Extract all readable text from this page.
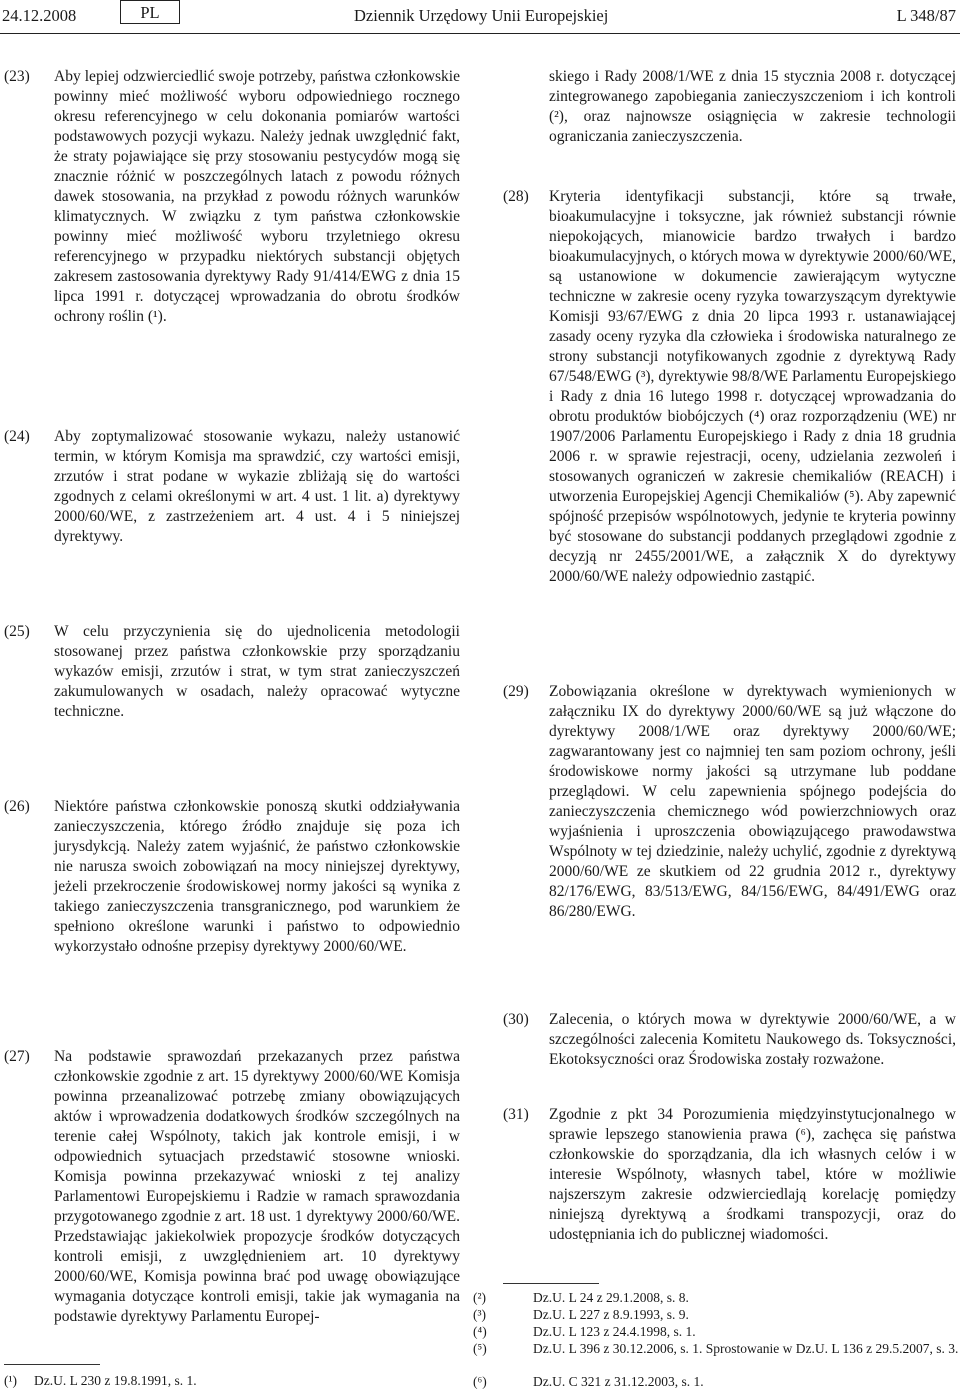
24.12.2008	PL	Dziennik Urzędowy Unii Europejskiej	L 348/87
(23) Aby lepiej odzwierciedlić swoje potrzeby, państwa członkowskie powinny mieć możliwość wyboru odpowiedniego rocznego okresu referencyjnego w celu dokonania pomiarów wartości podstawowych pozycji wykazu. Należy jednak uwzględnić fakt, że straty pojawiające się przy stosowaniu pestycydów mogą się znacznie różnić w poszczególnych latach z powodu różnych dawek stosowania, na przykład z powodu różnych warunków klimatycznych. W związku z tym państwa członkowskie powinny mieć możliwość wyboru trzyletniego okresu referencyjnego w przypadku niektórych substancji objętych zakresem zastosowania dyrektywy Rady 91/414/EWG z dnia 15 lipca 1991 r. dotyczącej wprowadzania do obrotu środków ochrony roślin (¹).
(24) Aby zoptymalizować stosowanie wykazu, należy ustanowić termin, w którym Komisja ma sprawdzić, czy wartości emisji, zrzutów i strat podane w wykazie zbliżają się do wartości zgodnych z celami określonymi w art. 4 ust. 1 lit. a) dyrektywy 2000/60/WE, z zastrzeżeniem art. 4 ust. 4 i 5 niniejszej dyrektywy.
(25) W celu przyczynienia się do ujednolicenia metodologii stosowanej przez państwa członkowskie przy sporządzaniu wykazów emisji, zrzutów i strat, w tym strat zanieczyszczeń zakumulowanych w osadach, należy opracować wytyczne techniczne.
(26) Niektóre państwa członkowskie ponoszą skutki oddziaływania zanieczyszczenia, którego źródło znajduje się poza ich jurysdykcją. Należy zatem wyjaśnić, że państwo członkowskie nie narusza swoich zobowiązań na mocy niniejszej dyrektywy, jeżeli przekroczenie środowiskowej normy jakości są wynika z takiego zanieczyszczenia transgranicznego, pod warunkiem że spełniono określone warunki i państwo to odpowiednio wykorzystało odnośne przepisy dyrektywy 2000/60/WE.
(27) Na podstawie sprawozdań przekazanych przez państwa członkowskie zgodnie z art. 15 dyrektywy 2000/60/WE Komisja powinna przeanalizować potrzebę zmiany obowiązujących aktów i wprowadzenia dodatkowych środków szczególnych na terenie całej Wspólnoty, takich jak kontrole emisji, i w odpowiednich sytuacjach przedstawić stosowne wnioski. Komisja powinna przekazywać wnioski z tej analizy Parlamentowi Europejskiemu i Radzie w ramach sprawozdania przygotowanego zgodnie z art. 18 ust. 1 dyrektywy 2000/60/WE. Przedstawiając jakiekolwiek propozycje środków dotyczących kontroli emisji, z uwzględnieniem art. 10 dyrektywy 2000/60/WE, Komisja powinna brać pod uwagę obowiązujące wymagania dotyczące kontroli emisji, takie jak wymagania na podstawie dyrektywy Parlamentu Europej-
(¹) Dz.U. L 230 z 19.8.1991, s. 1.
skiego i Rady 2008/1/WE z dnia 15 stycznia 2008 r. dotyczącej zintegrowanego zapobiegania zanieczyszczeniom i ich kontroli (²), oraz najnowsze osiągnięcia w zakresie technologii ograniczania zanieczyszczenia.
(28) Kryteria identyfikacji substancji, które są trwałe, bioakumulacyjne i toksyczne, jak również substancji równie niepokojących, mianowicie bardzo trwałych i bardzo bioakumulacyjnych, o których mowa w dyrektywie 2000/60/WE, są ustanowione w dokumencie zawierającym wytyczne techniczne w zakresie oceny ryzyka towarzyszącym dyrektywie Komisji 93/67/EWG z dnia 20 lipca 1993 r. ustanawiającej zasady oceny ryzyka dla człowieka i środowiska naturalnego ze strony substancji notyfikowanych zgodnie z dyrektywą Rady 67/548/EWG (³), dyrektywie 98/8/WE Parlamentu Europejskiego i Rady z dnia 16 lutego 1998 r. dotyczącej wprowadzania do obrotu produktów biobójczych (⁴) oraz rozporządzeniu (WE) nr 1907/2006 Parlamentu Europejskiego i Rady z dnia 18 grudnia 2006 r. w sprawie rejestracji, oceny, udzielania zezwoleń i stosowanych ograniczeń w zakresie chemikaliów (REACH) i utworzenia Europejskiej Agencji Chemikaliów (⁵). Aby zapewnić spójność przepisów wspólnotowych, jedynie te kryteria powinny być stosowane do substancji poddanych przeglądowi zgodnie z decyzją nr 2455/2001/WE, a załącznik X do dyrektywy 2000/60/WE należy odpowiednio zastąpić.
(29) Zobowiązania określone w dyrektywach wymienionych w załączniku IX do dyrektywy 2000/60/WE są już włączone do dyrektywy 2008/1/WE oraz dyrektywy 2000/60/WE; zagwarantowany jest co najmniej ten sam poziom ochrony, jeśli środowiskowe normy jakości są utrzymane lub poddane przeglądowi. W celu zapewnienia spójnego podejścia do zanieczyszczenia chemicznego wód powierzchniowych oraz wyjaśnienia i uproszczenia obowiązującego prawodawstwa Wspólnoty w tej dziedzinie, należy uchylić, zgodnie z dyrektywą 2000/60/WE ze skutkiem od 22 grudnia 2012 r., dyrektywy 82/176/EWG, 83/513/EWG, 84/156/EWG, 84/491/EWG oraz 86/280/EWG.
(30) Zalecenia, o których mowa w dyrektywie 2000/60/WE, a w szczególności zalecenia Komitetu Naukowego ds. Toksyczności, Ekotoksyczności oraz Środowiska zostały rozważone.
(31) Zgodnie z pkt 34 Porozumienia międzyinstytucjonalnego w sprawie lepszego stanowienia prawa (⁶), zachęca się państwa członkowskie do sporządzania, dla ich własnych celów i w interesie Wspólnoty, własnych tabel, które w możliwie najszerszym zakresie odzwierciedlają korelację pomiędzy niniejszą dyrektywą a środkami transpozycji, oraz do udostępniania ich do publicznej wiadomości.
(²)	Dz.U. L 24 z 29.1.2008, s. 8.
(³)	Dz.U. L 227 z 8.9.1993, s. 9.
(⁴)	Dz.U. L 123 z 24.4.1998, s. 1.
(⁵)	Dz.U. L 396 z 30.12.2006, s. 1. Sprostowanie w Dz.U. L 136 z 29.5.2007, s. 3.
(⁶)	Dz.U. C 321 z 31.12.2003, s. 1.
